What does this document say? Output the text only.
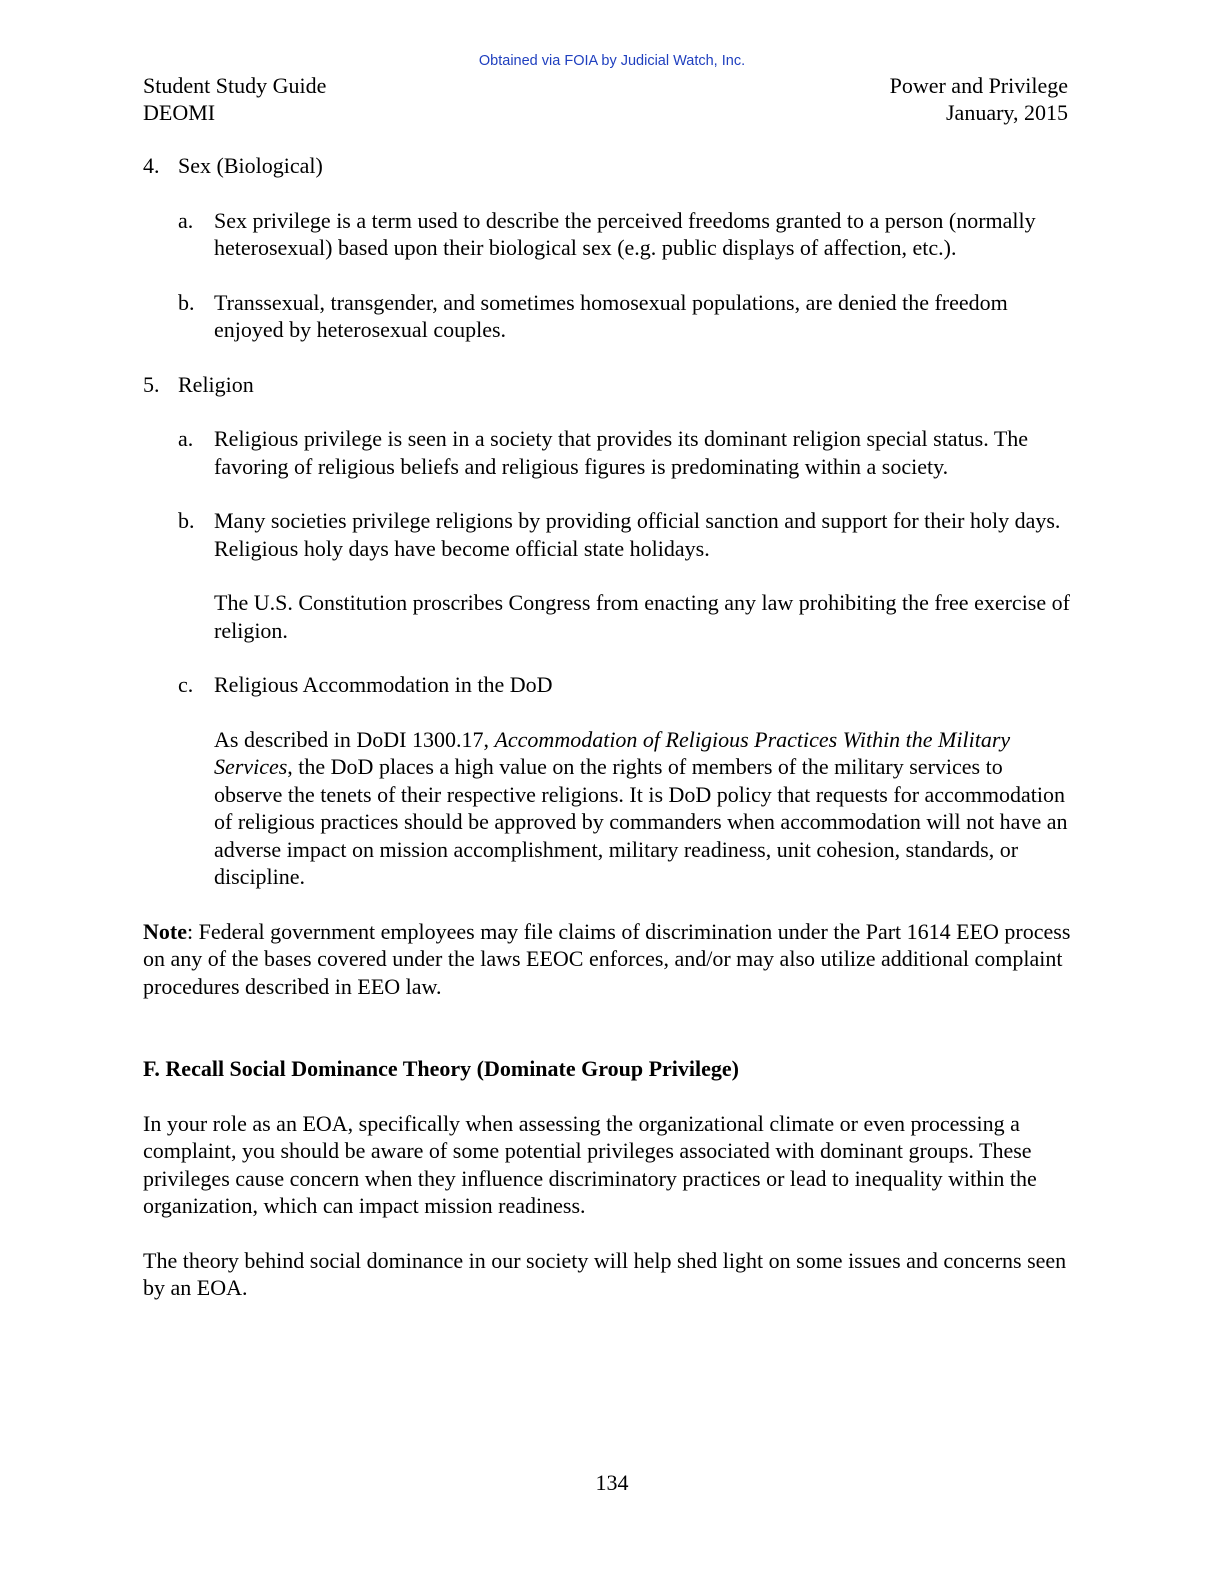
Obtained via FOIA by Judicial Watch, Inc.
Student Study Guide
DEOMI
Power and Privilege
January, 2015
4. Sex (Biological)
a. Sex privilege is a term used to describe the perceived freedoms granted to a person (normally heterosexual) based upon their biological sex (e.g. public displays of affection, etc.).
b. Transsexual, transgender, and sometimes homosexual populations, are denied the freedom enjoyed by heterosexual couples.
5. Religion
a. Religious privilege is seen in a society that provides its dominant religion special status. The favoring of religious beliefs and religious figures is predominating within a society.
b. Many societies privilege religions by providing official sanction and support for their holy days. Religious holy days have become official state holidays.
The U.S. Constitution proscribes Congress from enacting any law prohibiting the free exercise of religion.
c. Religious Accommodation in the DoD
As described in DoDI 1300.17, Accommodation of Religious Practices Within the Military Services, the DoD places a high value on the rights of members of the military services to observe the tenets of their respective religions. It is DoD policy that requests for accommodation of religious practices should be approved by commanders when accommodation will not have an adverse impact on mission accomplishment, military readiness, unit cohesion, standards, or discipline.
Note: Federal government employees may file claims of discrimination under the Part 1614 EEO process on any of the bases covered under the laws EEOC enforces, and/or may also utilize additional complaint procedures described in EEO law.
F. Recall Social Dominance Theory (Dominate Group Privilege)
In your role as an EOA, specifically when assessing the organizational climate or even processing a complaint, you should be aware of some potential privileges associated with dominant groups. These privileges cause concern when they influence discriminatory practices or lead to inequality within the organization, which can impact mission readiness.
The theory behind social dominance in our society will help shed light on some issues and concerns seen by an EOA.
134
